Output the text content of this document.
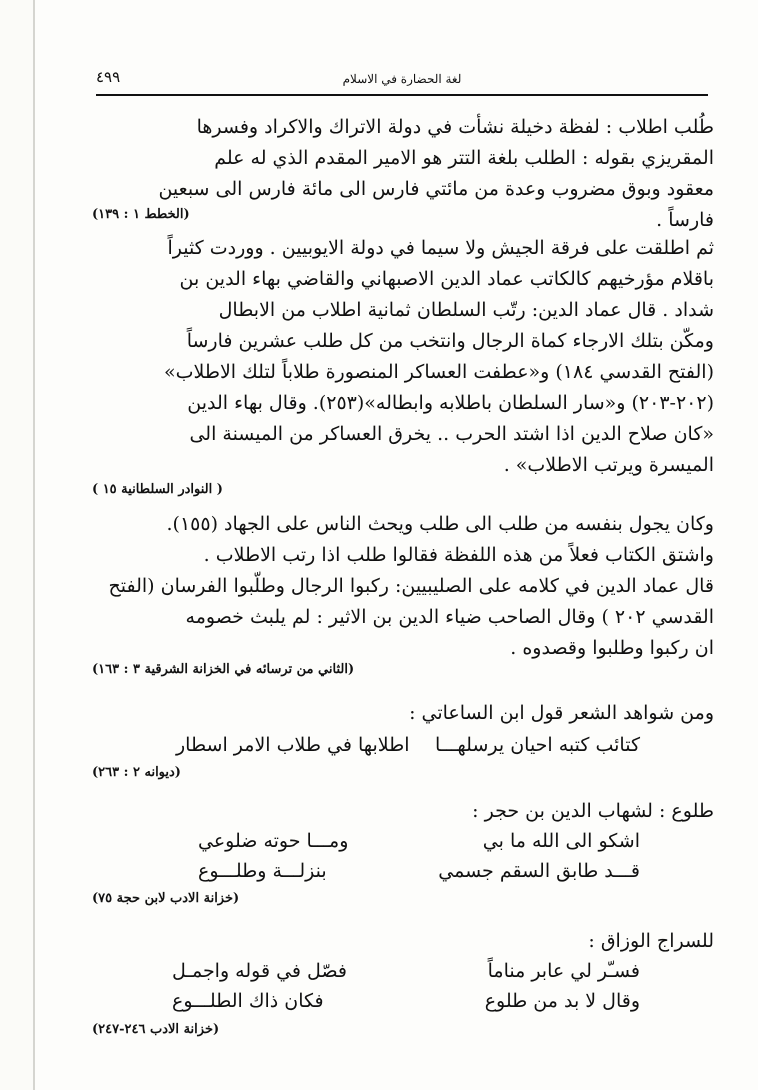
لغة الحضارة في الاسلام
٤٩٩
طُلب اطلاب : لفظة دخيلة نشأت في دولة الاتراك والاكراد وفسرها
المقريزي بقوله : الطلب بلغة التتر هو الامير المقدم الذي له علم
معقود وبوق مضروب وعدة من مائتي فارس الى مائة فارس الى سبعين
فارساً .
(الخطط ١ : ١٣٩)
ثم اطلقت على فرقة الجيش ولا سيما في دولة الايوبيين . ووردت كثيراً
باقلام مؤرخيهم كالكاتب عماد الدين الاصبهاني والقاضي بهاء الدين بن
شداد . قال عماد الدين: رتّب السلطان ثمانية اطلاب من الابطال
ومكّن بتلك الارجاء كماة الرجال وانتخب من كل طلب عشرين فارساً
(الفتح القدسي ١٨٤) و«عطفت العساكر المنصورة طلاباً لتلك الاطلاب»
(٢٠٢-٢٠٣) و«سار السلطان باطلابه وابطاله»(٢٥٣). وقال بهاء الدين
«كان صلاح الدين اذا اشتد الحرب .. يخرق العساكر من الميسنة الى
الميسرة ويرتب الاطلاب» .
( النوادر السلطانية ١٥ )
وكان يجول بنفسه من طلب الى طلب ويحث الناس على الجهاد (١٥٥).
واشتق الكتاب فعلاً من هذه اللفظة فقالوا طلب اذا رتب الاطلاب .
قال عماد الدين في كلامه على الصليبيين: ركبوا الرجال وطلّبوا الفرسان (الفتح
القدسي ٢٠٢ ) وقال الصاحب ضياء الدين بن الاثير : لم يلبث خصومه
ان ركبوا وطلبوا وقصدوه .
(الثاني من ترسائه في الخزانة الشرقية ٣ : ١٦٣)
ومن شواهد الشعر قول ابن الساعاتي :
كتائب كتبه احيان يرسلهـــا
اطلابها في طلاب الامر اسطار
(ديوانه ٢ : ٢٦٣)
طلوع : لشهاب الدين بن حجر :
اشكو الى الله ما بي
ومـــا حوته ضلوعي
قـــد طابق السقم جسمي
بنزلـــة وطلـــوع
(خزانة الادب لابن حجة ٧٥)
للسراج الوزاق :
فسـّر لي عابر مناماً
فصّل في قوله واجمـل
وقال لا بد من طلوع
فكان ذاك الطلـــوع
(خزانة الادب ٢٤٦-٢٤٧)
